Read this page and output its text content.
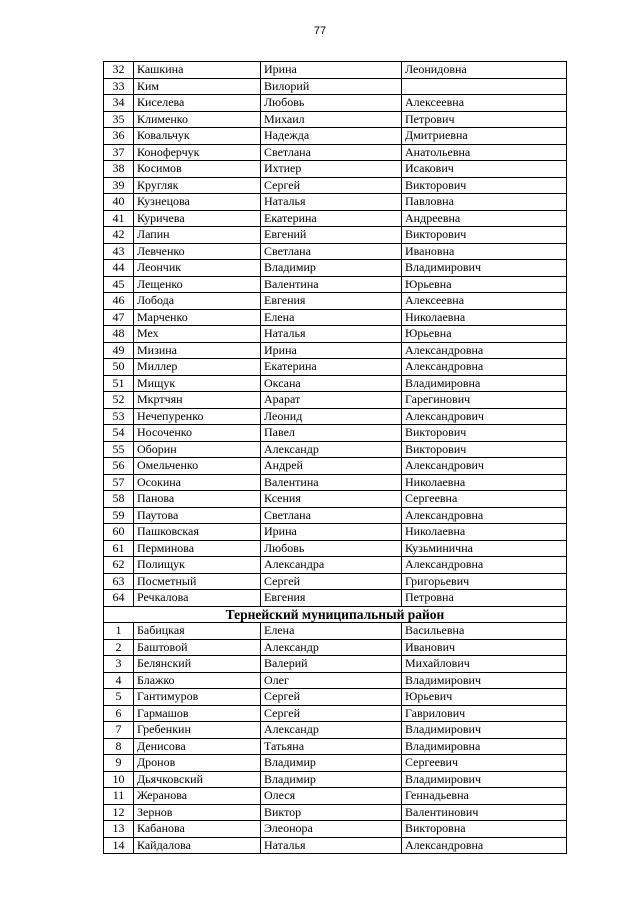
77
32	Кашкина	Ирина	Леонидовна
33	Ким	Вилорий	
34	Киселева	Любовь	Алексеевна
35	Клименко	Михаил	Петрович
36	Ковальчук	Надежда	Дмитриевна
37	Коноферчук	Светлана	Анатольевна
38	Косимов	Ихтиер	Исакович
39	Кругляк	Сергей	Викторович
40	Кузнецова	Наталья	Павловна
41	Куричева	Екатерина	Андреевна
42	Лапин	Евгений	Викторович
43	Левченко	Светлана	Ивановна
44	Леончик	Владимир	Владимирович
45	Лещенко	Валентина	Юрьевна
46	Лобода	Евгения	Алексеевна
47	Марченко	Елена	Николаевна
48	Мех	Наталья	Юрьевна
49	Мизина	Ирина	Александровна
50	Миллер	Екатерина	Александровна
51	Мищук	Оксана	Владимировна
52	Мкртчян	Арарат	Гарегинович
53	Нечепуренко	Леонид	Александрович
54	Носоченко	Павел	Викторович
55	Оборин	Александр	Викторович
56	Омельченко	Андрей	Александрович
57	Осокина	Валентина	Николаевна
58	Панова	Ксения	Сергеевна
59	Паутова	Светлана	Александровна
60	Пашковская	Ирина	Николаевна
61	Перминова	Любовь	Кузьминична
62	Полищук	Александра	Александровна
63	Посметный	Сергей	Григорьевич
64	Речкалова	Евгения	Петровна
Тернейский муниципальный район			
1	Бабицкая	Елена	Васильевна
2	Баштовой	Александр	Иванович
3	Белянский	Валерий	Михайлович
4	Блажко	Олег	Владимирович
5	Гантимуров	Сергей	Юрьевич
6	Гармашов	Сергей	Гаврилович
7	Гребенкин	Александр	Владимирович
8	Денисова	Татьяна	Владимировна
9	Дронов	Владимир	Сергеевич
10	Дьячковский	Владимир	Владимирович
11	Жеранова	Олеся	Геннадьевна
12	Зернов	Виктор	Валентинович
13	Кабанова	Элеонора	Викторовна
14	Кайдалова	Наталья	Александровна
